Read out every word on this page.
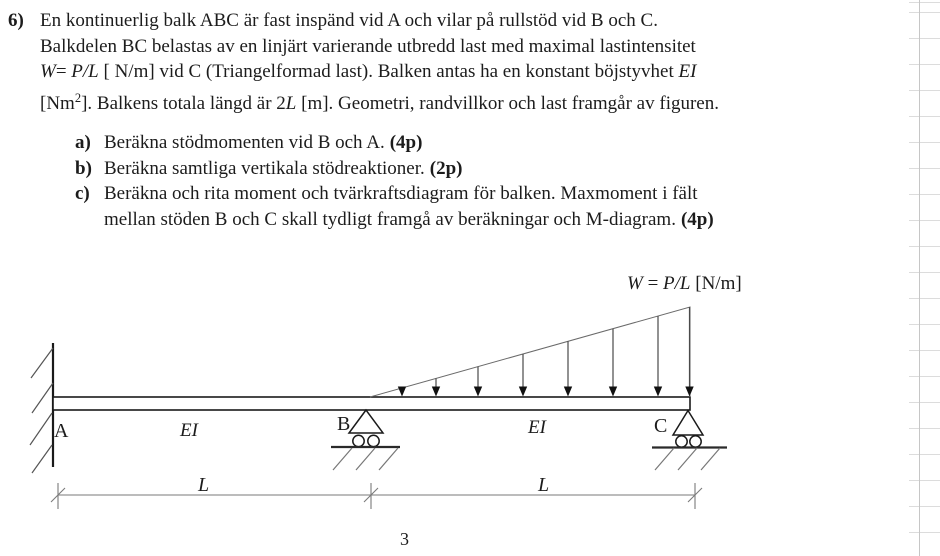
6) En kontinuerlig balk ABC är fast inspänd vid A och vilar på rullstöd vid B och C.
Balkdelen BC belastas av en linjärt varierande utbredd last med maximal lastintensitet
W= P/L [ N/m] vid C (Triangelformad last). Balken antas ha en konstant böjstyvhet EI
[Nm$^2$]. Balkens totala längd är 2L [m]. Geometri, randvillkor och last framgår av figuren.
a) Beräkna stödmomenten vid B och A. (4p)
b) Beräkna samtliga vertikala stödreaktioner. (2p)
c) Beräkna och rita moment och tvärkraftsdiagram för balken. Maxmoment i fält
mellan stöden B och C skall tydligt framgå av beräkningar och M-diagram. (4p)
W = P/L [N/m]
A	B	C
EI	EI
L	L
3
